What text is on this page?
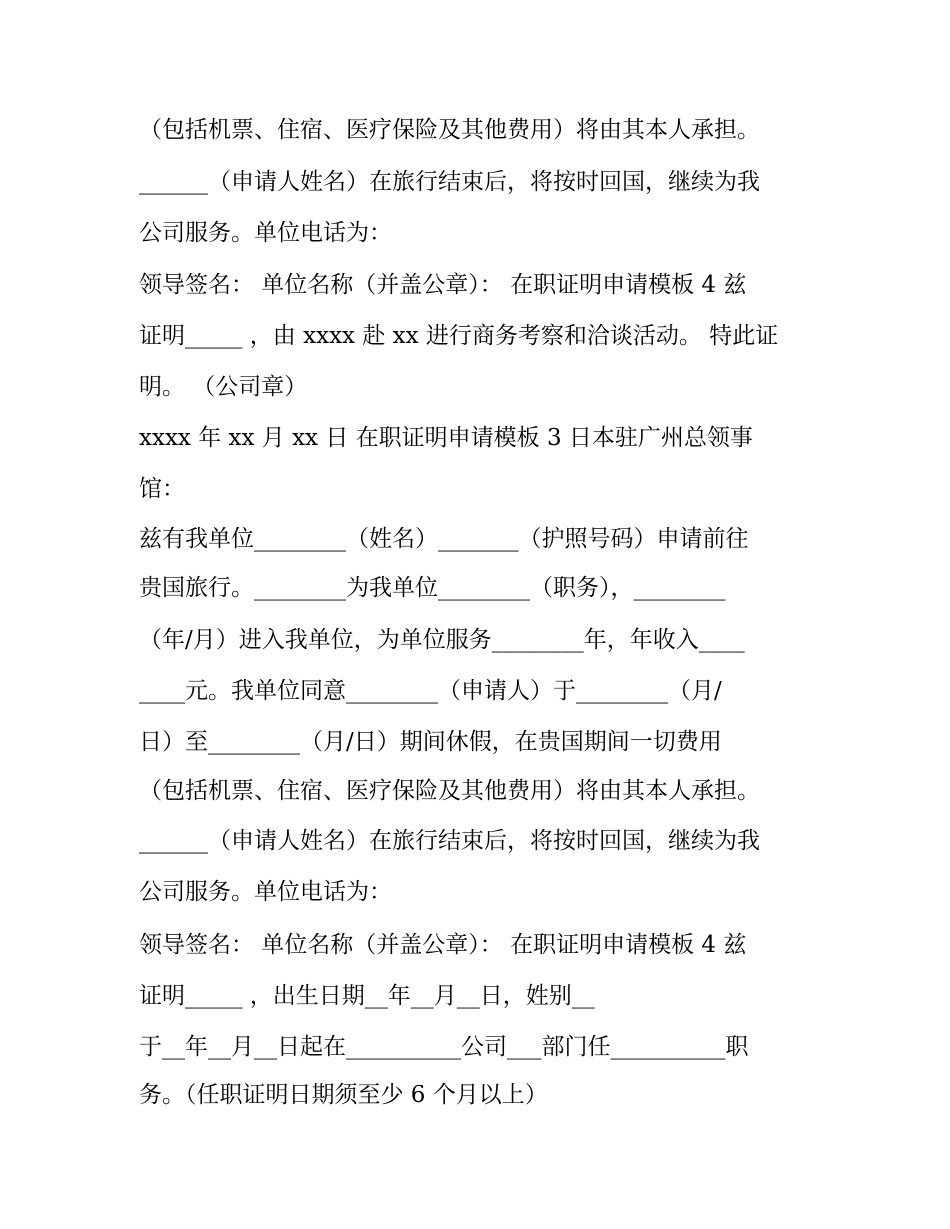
（包括机票、住宿、医疗保险及其他费用）将由其本人承担。
______（申请人姓名）在旅行结束后，将按时回国，继续为我
公司服务。单位电话为：
领导签名： 单位名称（并盖公章）： 在职证明申请模板 4 兹
证明_____ ，由 xxxx 赴 xx 进行商务考察和洽谈活动。 特此证
明。 （公司章）
xxxx 年 xx 月 xx 日 在职证明申请模板 3 日本驻广州总领事
馆：
兹有我单位________（姓名）_______（护照号码）申请前往
贵国旅行。________为我单位________（职务），________
（年/月）进入我单位，为单位服务________年，年收入____
____元。我单位同意________（申请人）于________（月/
日）至________（月/日）期间休假，在贵国期间一切费用
（包括机票、住宿、医疗保险及其他费用）将由其本人承担。
______（申请人姓名）在旅行结束后，将按时回国，继续为我
公司服务。单位电话为：
领导签名： 单位名称（并盖公章）： 在职证明申请模板 4 兹
证明_____ ，出生日期__年__月__日，姓别__
于__年__月__日起在__________公司___部门任__________职
务。（任职证明日期须至少 6 个月以上）
